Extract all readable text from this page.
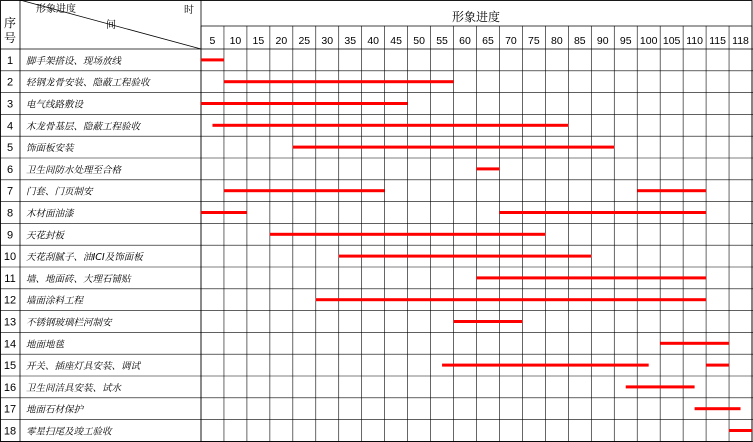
序
号
形象进度	时
间
形象进度
5 10 15 20 25 30 35 40 45 50 55 60 65 70 75 80 85 90 95 100 105 110 115 118
1 脚手架搭设、现场放线
2 轻钢龙骨安装、隐蔽工程验收
3 电气线路敷设
4 木龙骨基层、隐蔽工程验收
5 饰面板安装
6 卫生间防水处理至合格
7 门套、门页制安
8 木材面油漆
9 天花封板
10 天花刮腻子、油ICI及饰面板
11 墙、地面砖、大理石铺贴
12 墙面涂料工程
13 不锈钢玻璃栏河制安
14 地面地毯
15 开关、插座灯具安装、调试
16 卫生间洁具安装、试水
17 地面石材保护
18 零星扫尾及竣工验收
